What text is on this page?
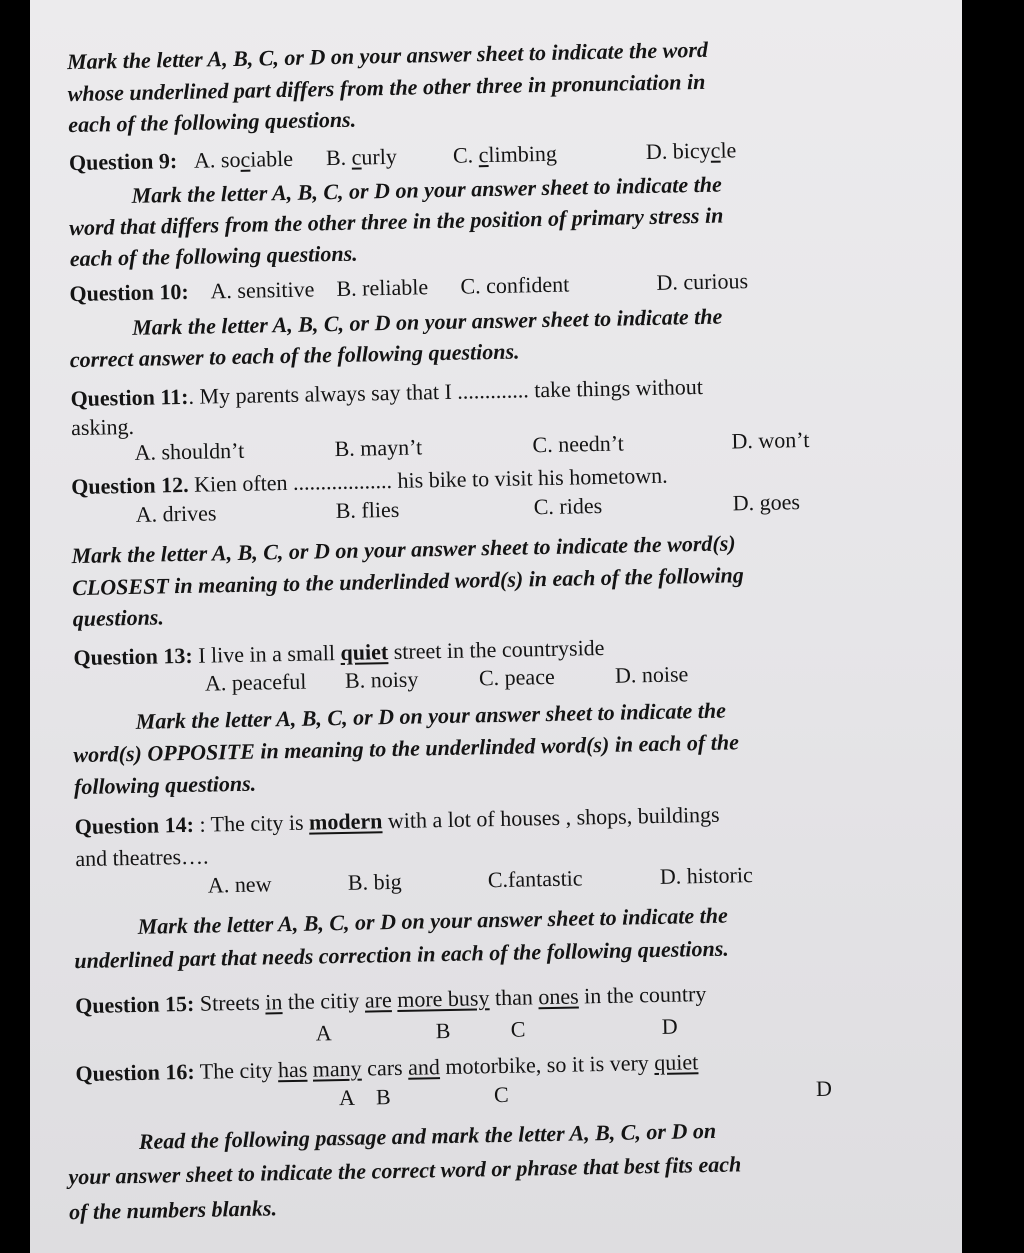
Mark the letter A, B, C, or D on your answer sheet to indicate the word
whose underlined part differs from the other three in pronunciation in
each of the following questions.
Question 9: A. sociable B. curly	C. climbing	D. bicycle
Mark the letter A, B, C, or D on your answer sheet to indicate the
word that differs from the other three in the position of primary stress in
each of the following questions.
Question 10: A. sensitive B. reliable C. confident	D. curious
Mark the letter A, B, C, or D on your answer sheet to indicate the
correct answer to each of the following questions.
Question 11:. My parents always say that I ............. take things without
asking.
A. shouldn’t	B. mayn’t	C. needn’t	D. won’t
Question 12. Kien often .................. his bike to visit his hometown.
A. drives	B. flies	C. rides	D. goes
Mark the letter A, B, C, or D on your answer sheet to indicate the word(s)
CLOSEST in meaning to the underlinded word(s) in each of the following
questions.
Question 13: I live in a small quiet street in the countryside
A. peaceful B. noisy	C. peace	D. noise
Mark the letter A, B, C, or D on your answer sheet to indicate the
word(s) OPPOSITE in meaning to the underlinded word(s) in each of the
following questions.
Question 14: : The city is modern with a lot of houses , shops, buildings
and theatres….
A. new	B. big	C.fantastic	D. historic
Mark the letter A, B, C, or D on your answer sheet to indicate the
underlined part that needs correction in each of the following questions.
Question 15: Streets in the citiy are more busy than ones in the country
A	B	C	D
Question 16: The city has many cars and motorbike, so it is very quiet
A B	C	D
Read the following passage and mark the letter A, B, C, or D on
your answer sheet to indicate the correct word or phrase that best fits each
of the numbers blanks.
